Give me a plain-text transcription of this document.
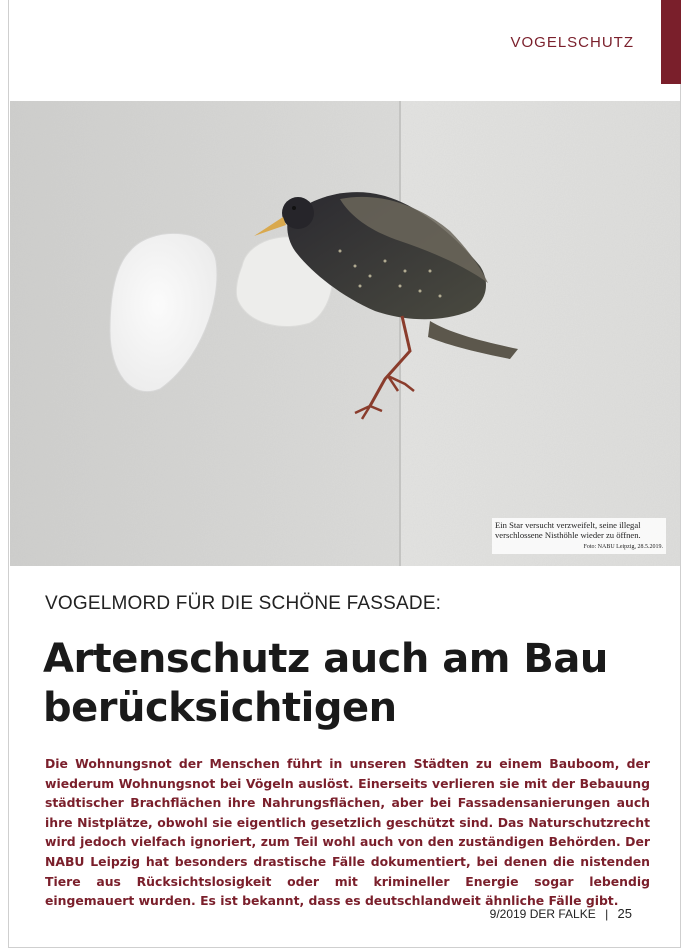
VOGELSCHUTZ
Ein Star versucht verzweifelt, seine illegal verschlossene Nisthöhle wieder zu öffnen.
Foto: NABU Leipzig, 28.5.2019.
VOGELMORD FÜR DIE SCHÖNE FASSADE:
Artenschutz auch am Bau
berücksichtigen
Die Wohnungsnot der Menschen führt in unseren Städten zu einem Bauboom, der wiederum Wohnungsnot bei Vögeln auslöst. Einerseits verlieren sie mit der Bebauung städtischer Brachflächen ihre Nahrungsflächen, aber bei Fassadensanierungen auch ihre Nistplätze, obwohl sie eigentlich gesetzlich geschützt sind. Das Naturschutzrecht wird jedoch vielfach ignoriert, zum Teil wohl auch von den zuständigen Behörden. Der NABU Leipzig hat besonders drastische Fälle dokumentiert, bei denen die nistenden Tiere aus Rücksichtslosigkeit oder mit krimineller Energie sogar lebendig eingemauert wurden. Es ist bekannt, dass es deutschlandweit ähnliche Fälle gibt.
9/2019 DER FALKE | 25
